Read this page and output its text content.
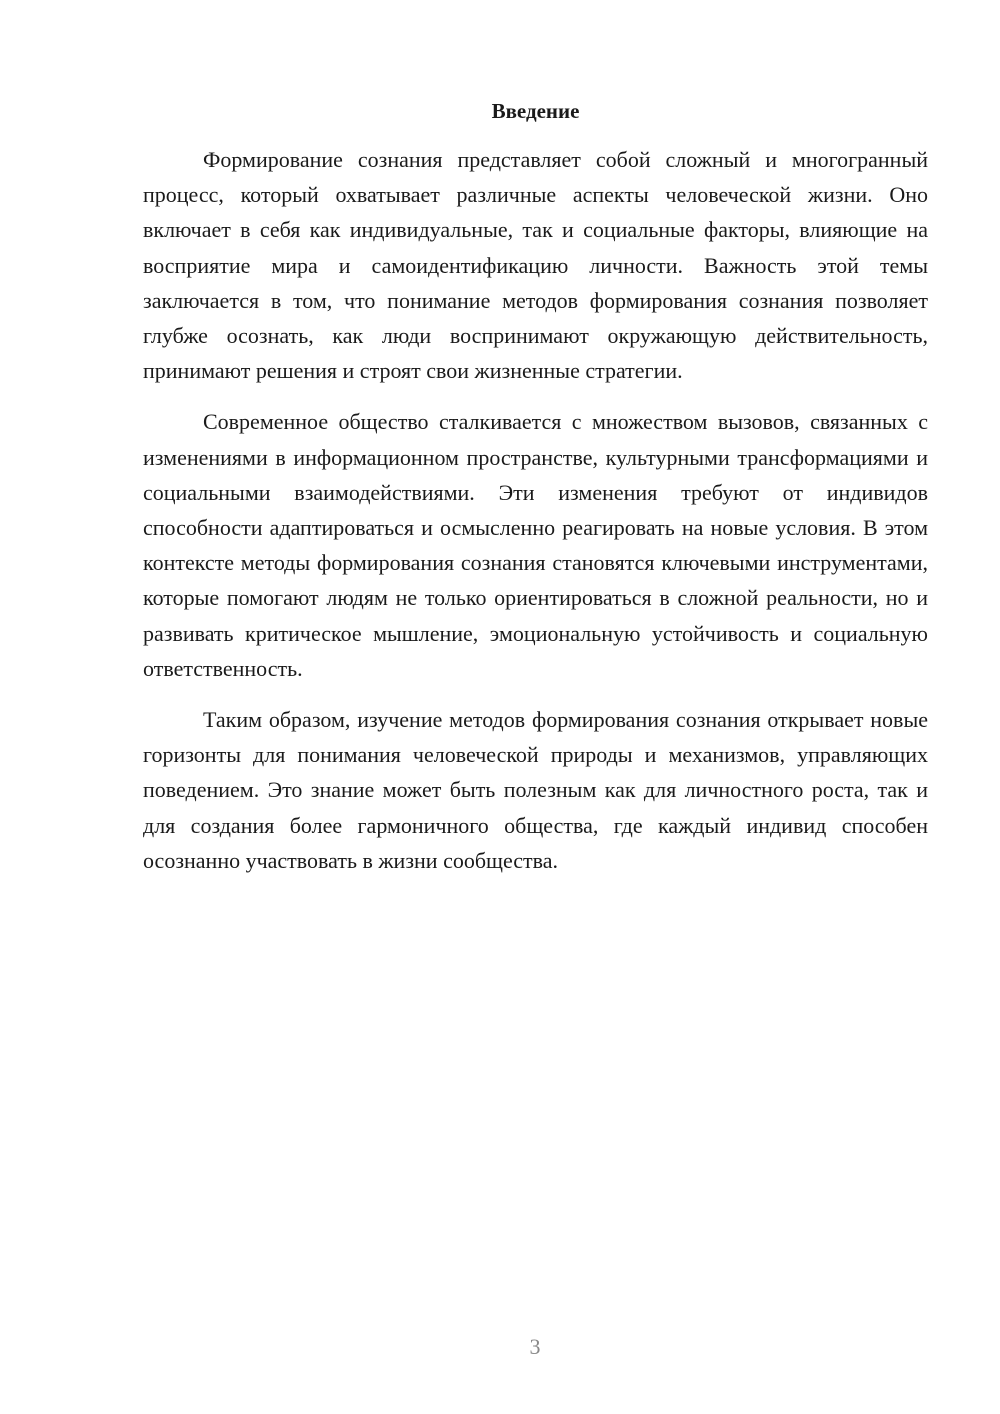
Введение

Формирование сознания представляет собой сложный и многогранный процесс, который охватывает различные аспекты человеческой жизни. Оно включает в себя как индивидуальные, так и социальные факторы, влияющие на восприятие мира и самоидентификацию личности. Важность этой темы заключается в том, что понимание методов формирования сознания позволяет глубже осознать, как люди воспринимают окружающую действительность, принимают решения и строят свои жизненные стратегии.

Современное общество сталкивается с множеством вызовов, связанных с изменениями в информационном пространстве, культурными трансформациями и социальными взаимодействиями. Эти изменения требуют от индивидов способности адаптироваться и осмысленно реагировать на новые условия. В этом контексте методы формирования сознания становятся ключевыми инструментами, которые помогают людям не только ориентироваться в сложной реальности, но и развивать критическое мышление, эмоциональную устойчивость и социальную ответственность.

Таким образом, изучение методов формирования сознания открывает новые горизонты для понимания человеческой природы и механизмов, управляющих поведением. Это знание может быть полезным как для личностного роста, так и для создания более гармоничного общества, где каждый индивид способен осознанно участвовать в жизни сообщества.

3
